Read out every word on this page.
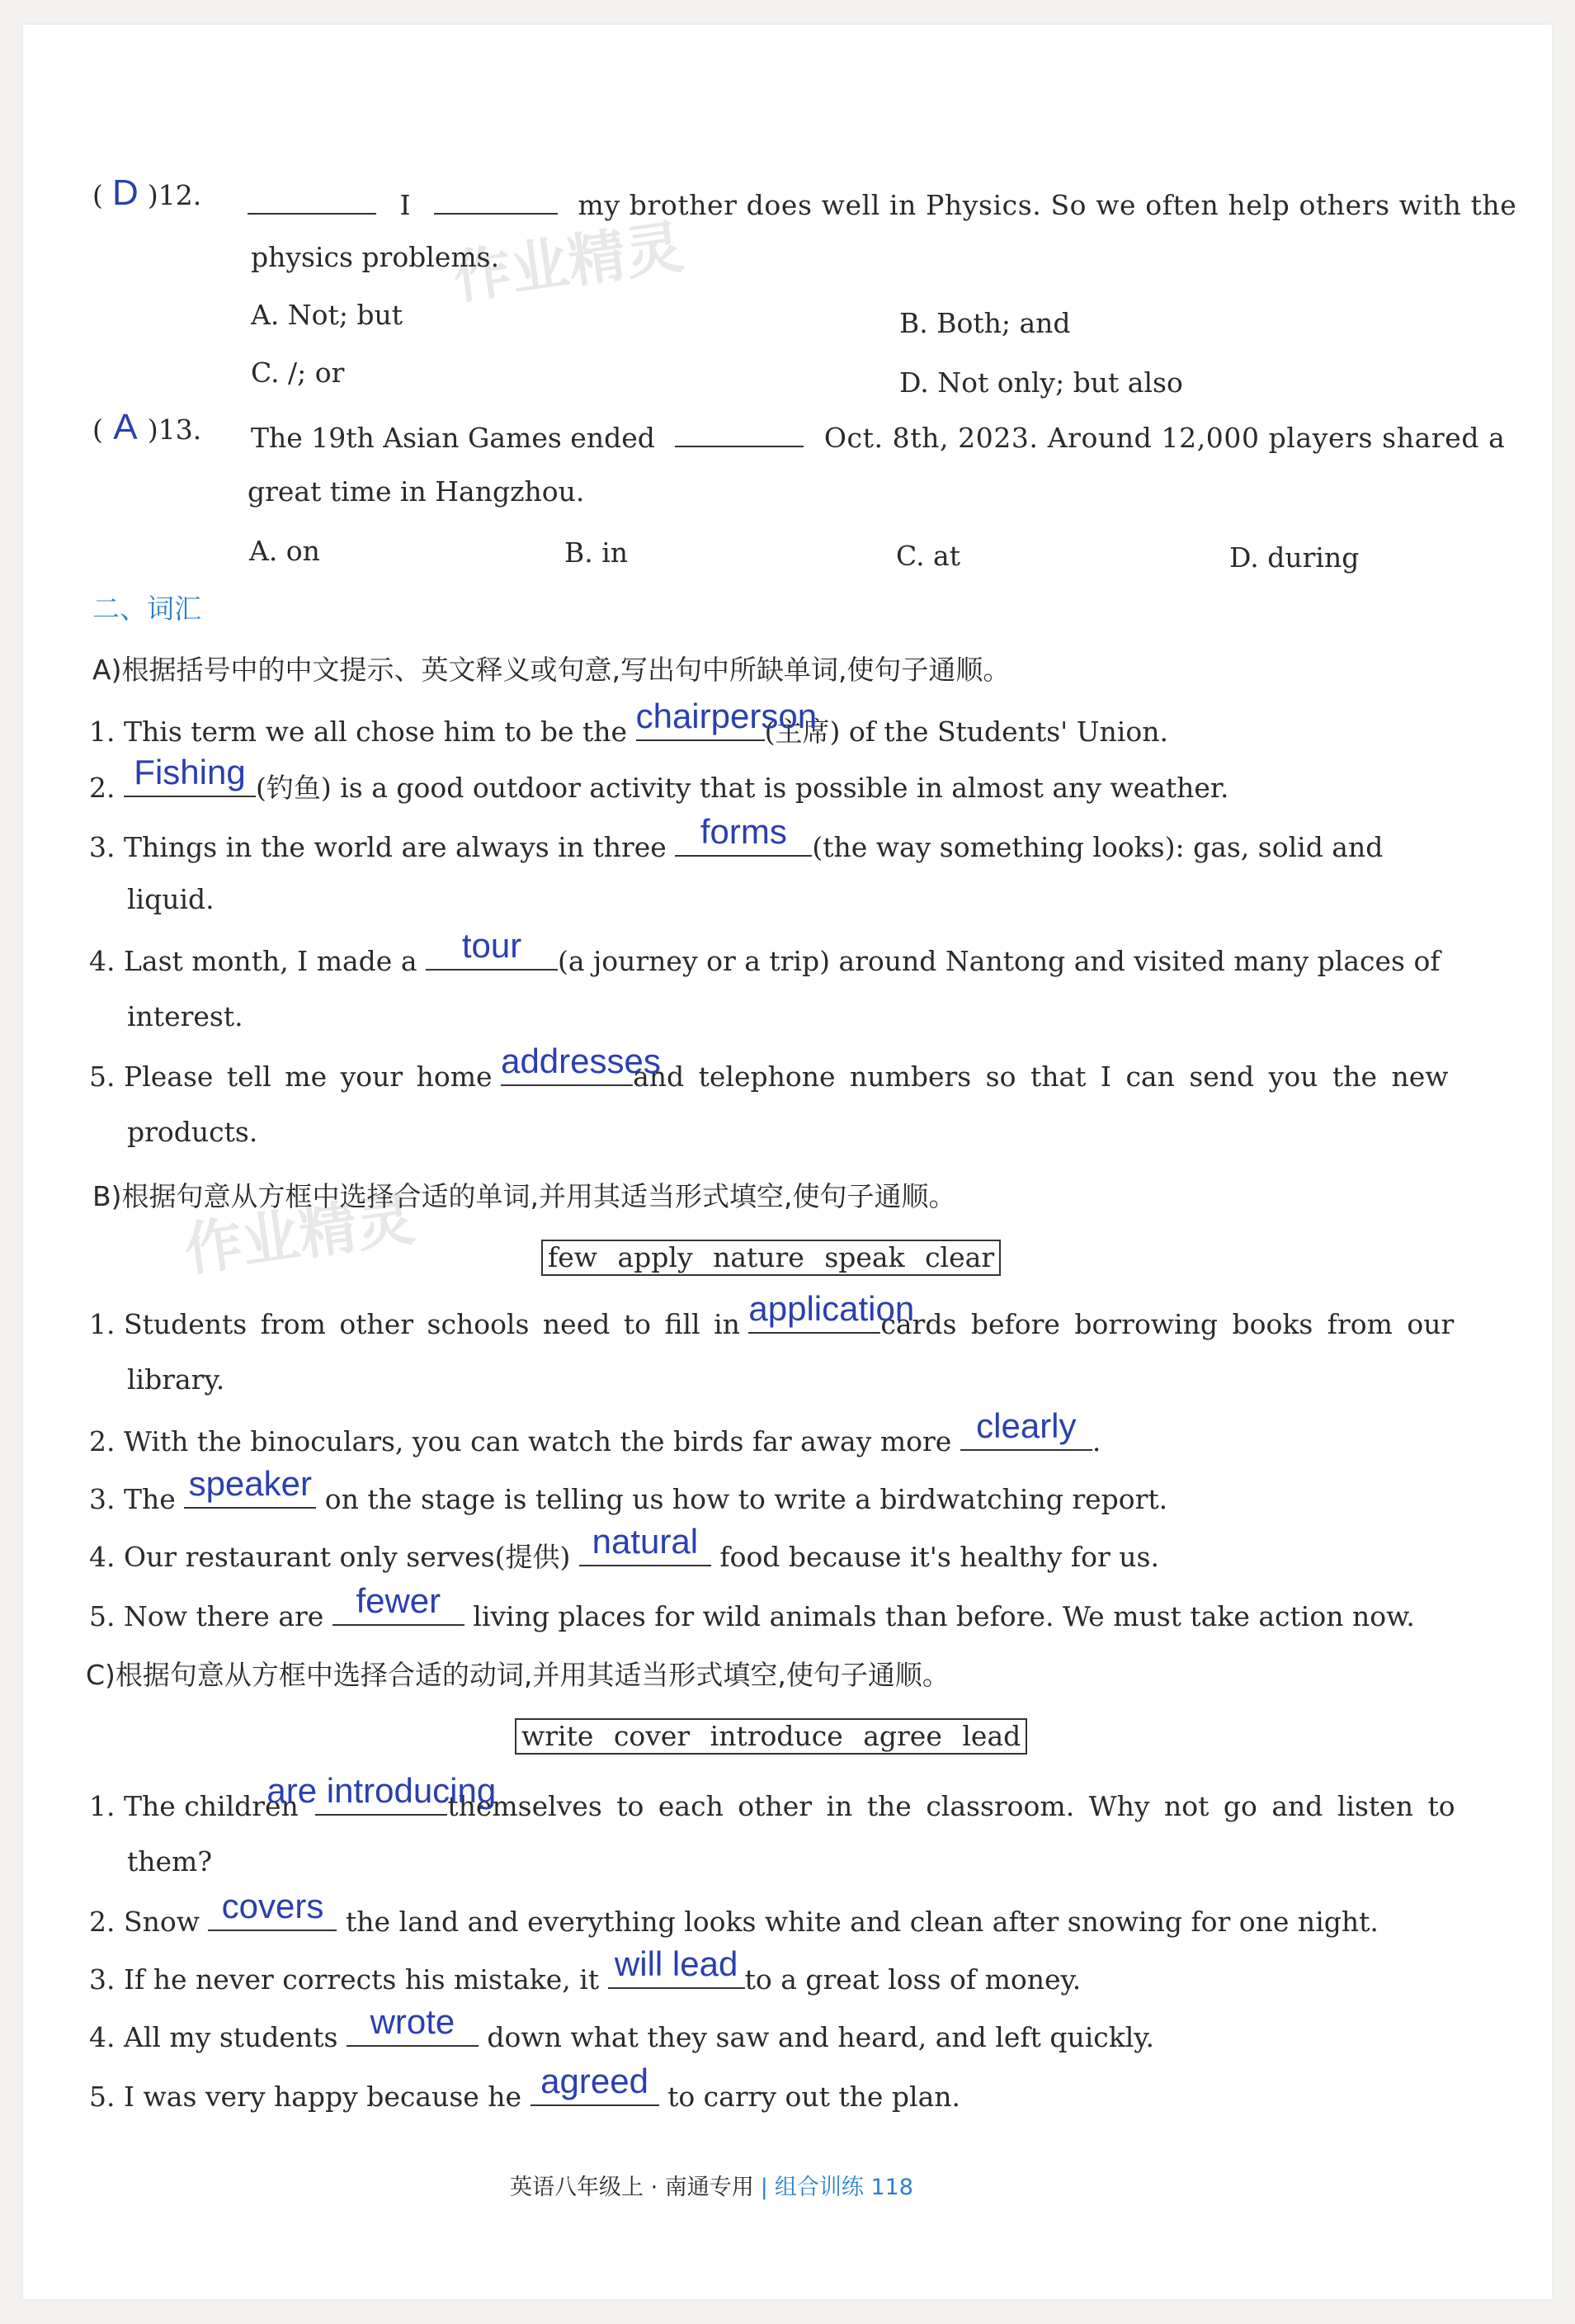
作业精灵
作业精灵
( D )12.	I	my brother does well in Physics. So we often help others with the
physics problems.
A. Not; but	B. Both; and
C. /; or	D. Not only; but also
( A )13. The 19th Asian Games ended	Oct. 8th, 2023. Around 12,000 players shared a
great time in Hangzhou.
A. on	B. in	C. at	D. during
二、词汇
A)根据括号中的中文提示、英文释义或句意,写出句中所缺单词,使句子通顺。
1. This term we all chose him to be the chairperson
(主席) of the Students' Union.
2. Fishing (钓鱼) is a good outdoor activity that is possible in almost any weather.
3. Things in the world are always in three forms (the way something looks): gas, solid and
liquid.
4. Last month, I made a	tour	(a journey or a trip) around Nantong and visited many places of
interest.
5. Please tell me your home addresses
and telephone numbers so that I can send you the new
products.
B)根据句意从方框中选择合适的单词,并用其适当形式填空,使句子通顺。
few apply nature speak clear
1. Students from other schools need to fill in application
cards before borrowing books from our
library.
2. With the binoculars, you can watch the birds far away more clearly .
3. The speaker on the stage is telling us how to write a birdwatching report.
4. Our restaurant only serves(提供) natural food because it's healthy for us.
5. Now there are fewer	living places for wild animals than before. We must take action now.
C)根据句意从方框中选择合适的动词,并用其适当形式填空,使句子通顺。
write cover introduce agree lead
1. The children
are introducing
themselves to each other in the classroom. Why not go and listen to
them?
2. Snow covers the land and everything looks white and clean after snowing for one night.
3. If he never corrects his mistake, it will lead to a great loss of money.
4. All my students wrote	down what they saw and heard, and left quickly.
5. I was very happy because he agreed to carry out the plan.
英语八年级上 · 南通专用 | 组合训练 118
